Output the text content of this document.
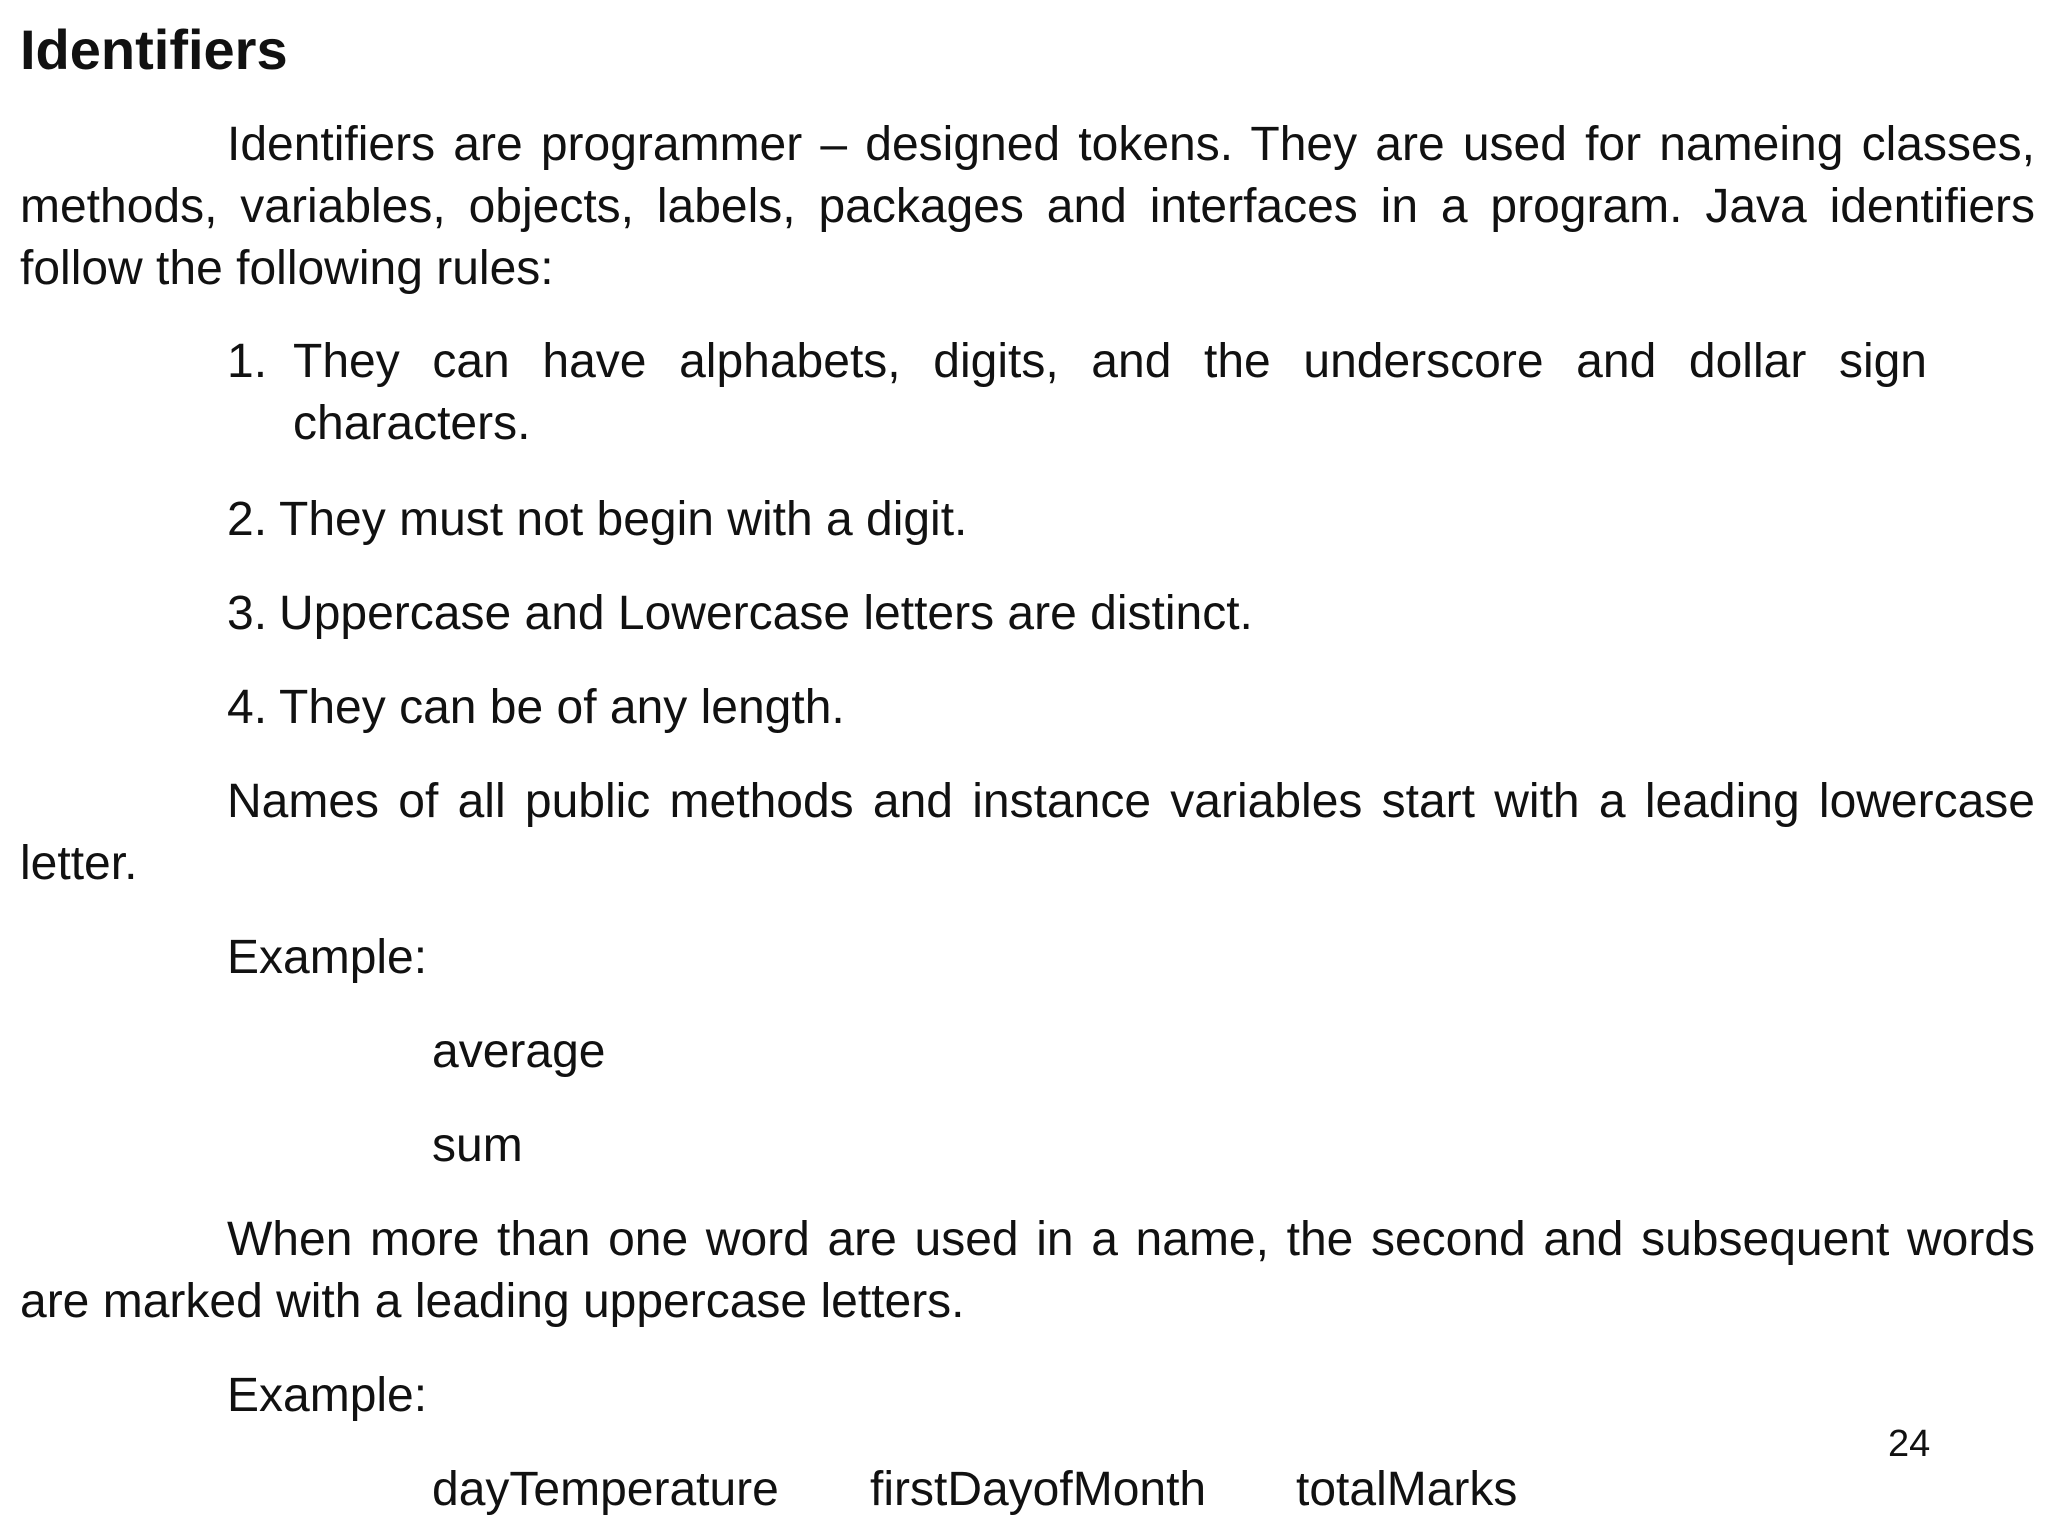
Identifiers

Identifiers are programmer – designed tokens. They are used for nameing classes, methods, variables, objects, labels, packages and interfaces in a program. Java identifiers follow the following rules:

1. They can have alphabets, digits, and the underscore and dollar sign characters.
2. They must not begin with a digit.
3. Uppercase and Lowercase letters are distinct.
4. They can be of any length.

Names of all public methods and instance variables start with a leading lowercase letter.

Example:

average

sum

When more than one word are used in a name, the second and subsequent words are marked with a leading uppercase letters.

Example:

dayTemperature firstDayofMonth totalMarks

24
